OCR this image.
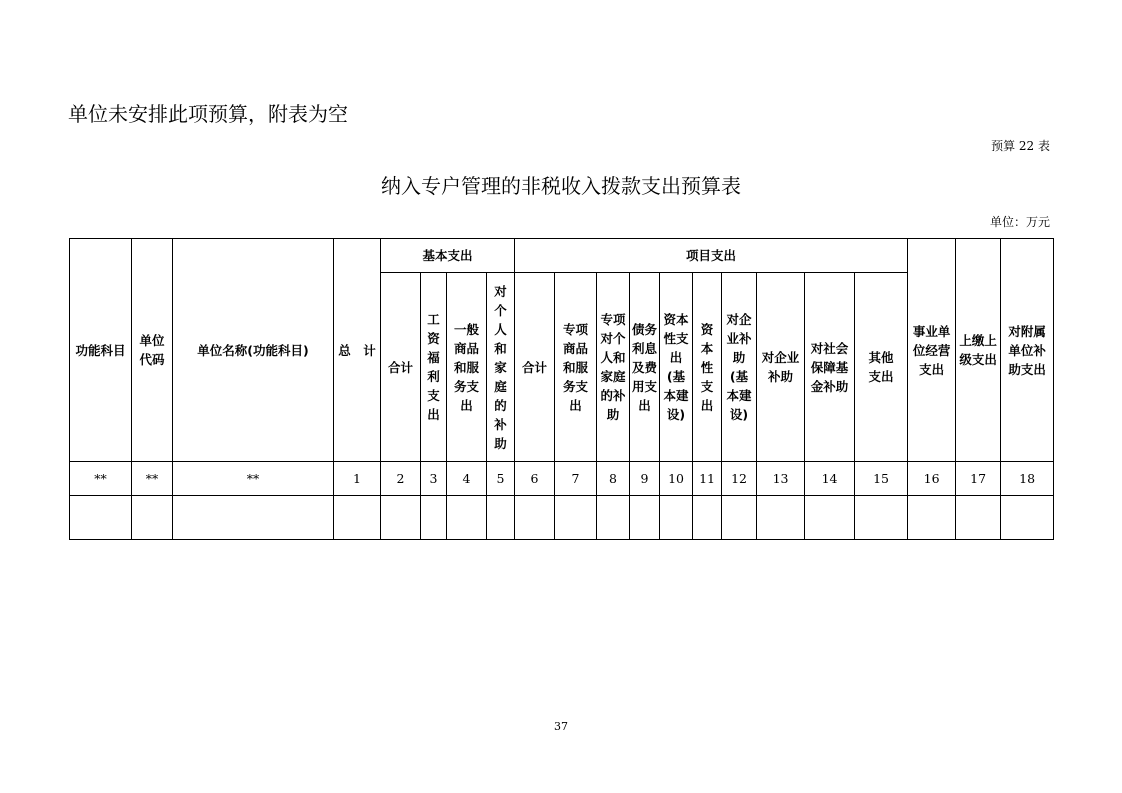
单位未安排此项预算，附表为空
预算 22 表
纳入专户管理的非税收入拨款支出预算表
单位：万元
功能科目	单位代码	单位名称(功能科目)	总　计	基本支出				项目支出										事业单位经营支出	上缴上级支出	对附属单位补助支出
				合计	工资福利支出	一般商品和服务支出	对个人和家庭的补助	合计	专项商品和服务支出	专项对个人和家庭的补助	债务利息及费用支出	资本性支出(基本建设)	资本性支出	对企业补助(基本建设)	对企业补助	对社会保障基金补助	其他支出			
**	**	**	1	2	3	4	5	6	7	8	9	10	11	12	13	14	15	16	17	18

37
